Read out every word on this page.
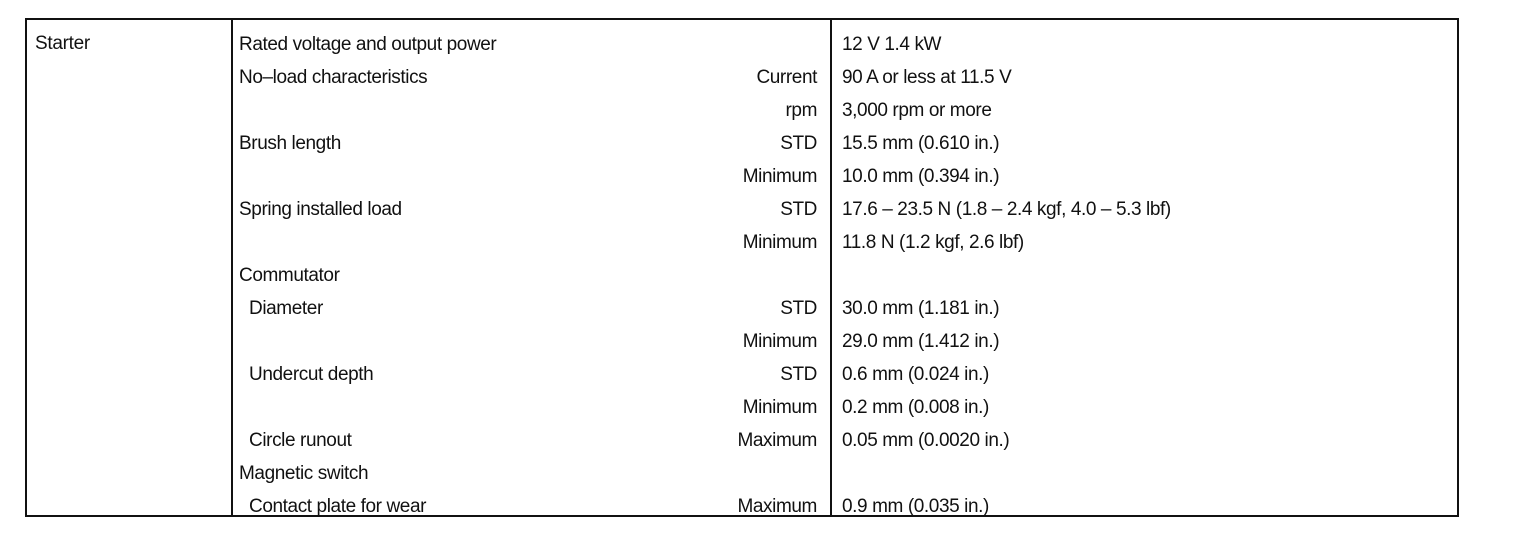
Starter	Rated voltage and output power	12 V 1.4 kW
No–load characteristics	Current 90 A or less at 11.5 V
rpm 3,000 rpm or more
Brush length	STD 15.5 mm (0.610 in.)
Minimum 10.0 mm (0.394 in.)
Spring installed load	STD 17.6 – 23.5 N (1.8 – 2.4 kgf, 4.0 – 5.3 lbf)
Minimum 11.8 N (1.2 kgf, 2.6 lbf)
Commutator
Diameter	STD 30.0 mm (1.181 in.)
Minimum 29.0 mm (1.412 in.)
Undercut depth	STD 0.6 mm (0.024 in.)
Minimum 0.2 mm (0.008 in.)
Circle runout	Maximum 0.05 mm (0.0020 in.)
Magnetic switch
Contact plate for wear	Maximum 0.9 mm (0.035 in.)
